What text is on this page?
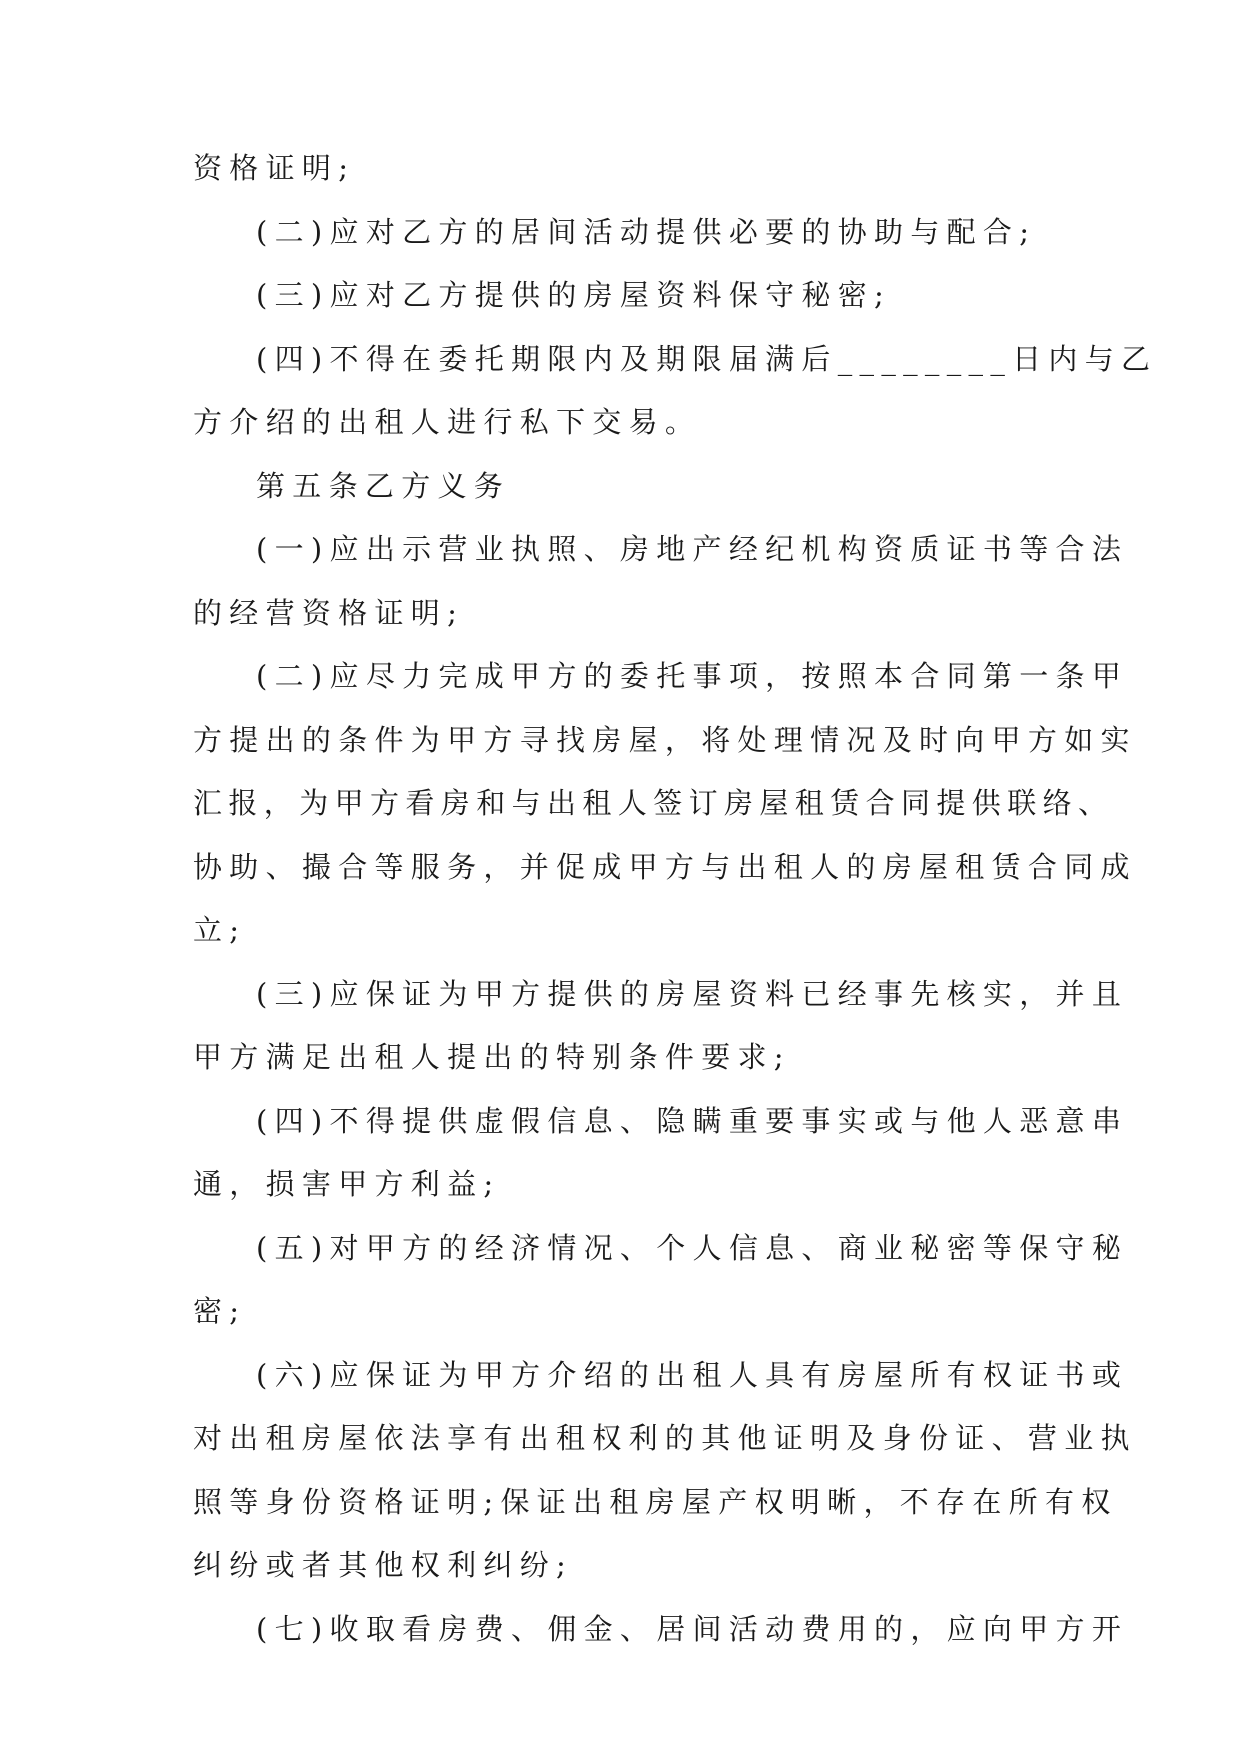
资格证明;
(二)应对乙方的居间活动提供必要的协助与配合;
(三)应对乙方提供的房屋资料保守秘密;
(四)不得在委托期限内及期限届满后________日内与乙
方介绍的出租人进行私下交易。
第五条乙方义务
(一)应出示营业执照、房地产经纪机构资质证书等合法
的经营资格证明;
(二)应尽力完成甲方的委托事项，按照本合同第一条甲
方提出的条件为甲方寻找房屋，将处理情况及时向甲方如实
汇报，为甲方看房和与出租人签订房屋租赁合同提供联络、
协助、撮合等服务，并促成甲方与出租人的房屋租赁合同成
立;
(三)应保证为甲方提供的房屋资料已经事先核实，并且
甲方满足出租人提出的特别条件要求;
(四)不得提供虚假信息、隐瞒重要事实或与他人恶意串
通，损害甲方利益;
(五)对甲方的经济情况、个人信息、商业秘密等保守秘
密;
(六)应保证为甲方介绍的出租人具有房屋所有权证书或
对出租房屋依法享有出租权利的其他证明及身份证、营业执
照等身份资格证明;保证出租房屋产权明晰，不存在所有权
纠纷或者其他权利纠纷;
(七)收取看房费、佣金、居间活动费用的，应向甲方开
